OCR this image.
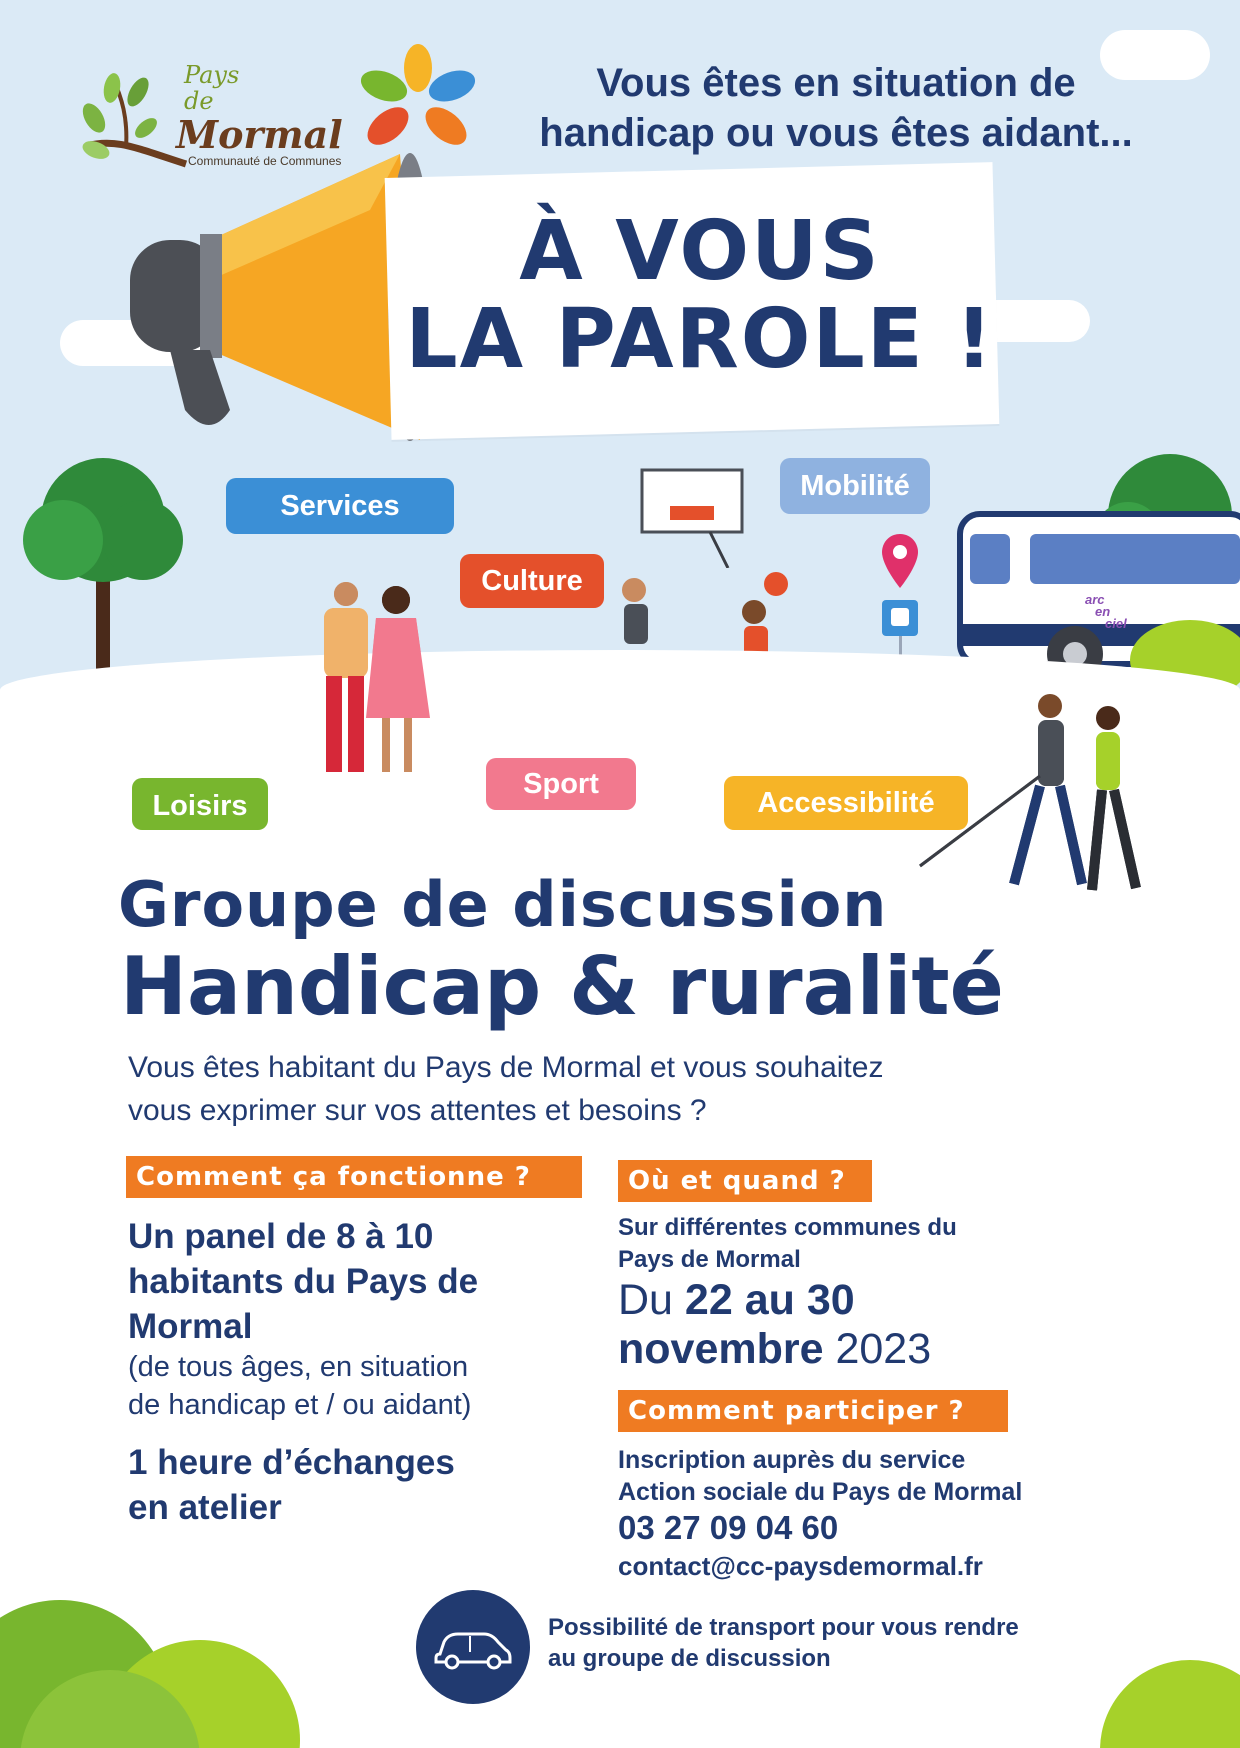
Pays
de
Mormal
Communauté de Communes
Vous êtes en situation de
handicap ou vous êtes aidant...
À VOUS
LA PAROLE !
arc
en
ciel
Services
Mobilité
Culture
Loisirs
Sport
Accessibilité
Groupe de discussion
Handicap & ruralité
Vous êtes habitant du Pays de Mormal et vous souhaitez
vous exprimer sur vos attentes et besoins ?
Comment ça fonctionne ?	Où et quand ?
Comment participer ?
Un panel de 8 à 10
habitants du Pays de
Mormal
(de tous âges, en situation
de handicap et / ou aidant)
1 heure d’échanges
en atelier
Sur différentes communes du
Pays de Mormal
Du 22 au 30
novembre 2023
Inscription auprès du service
Action sociale du Pays de Mormal
03 27 09 04 60
contact@cc-paysdemormal.fr
Possibilité de transport pour vous rendre
au groupe de discussion
